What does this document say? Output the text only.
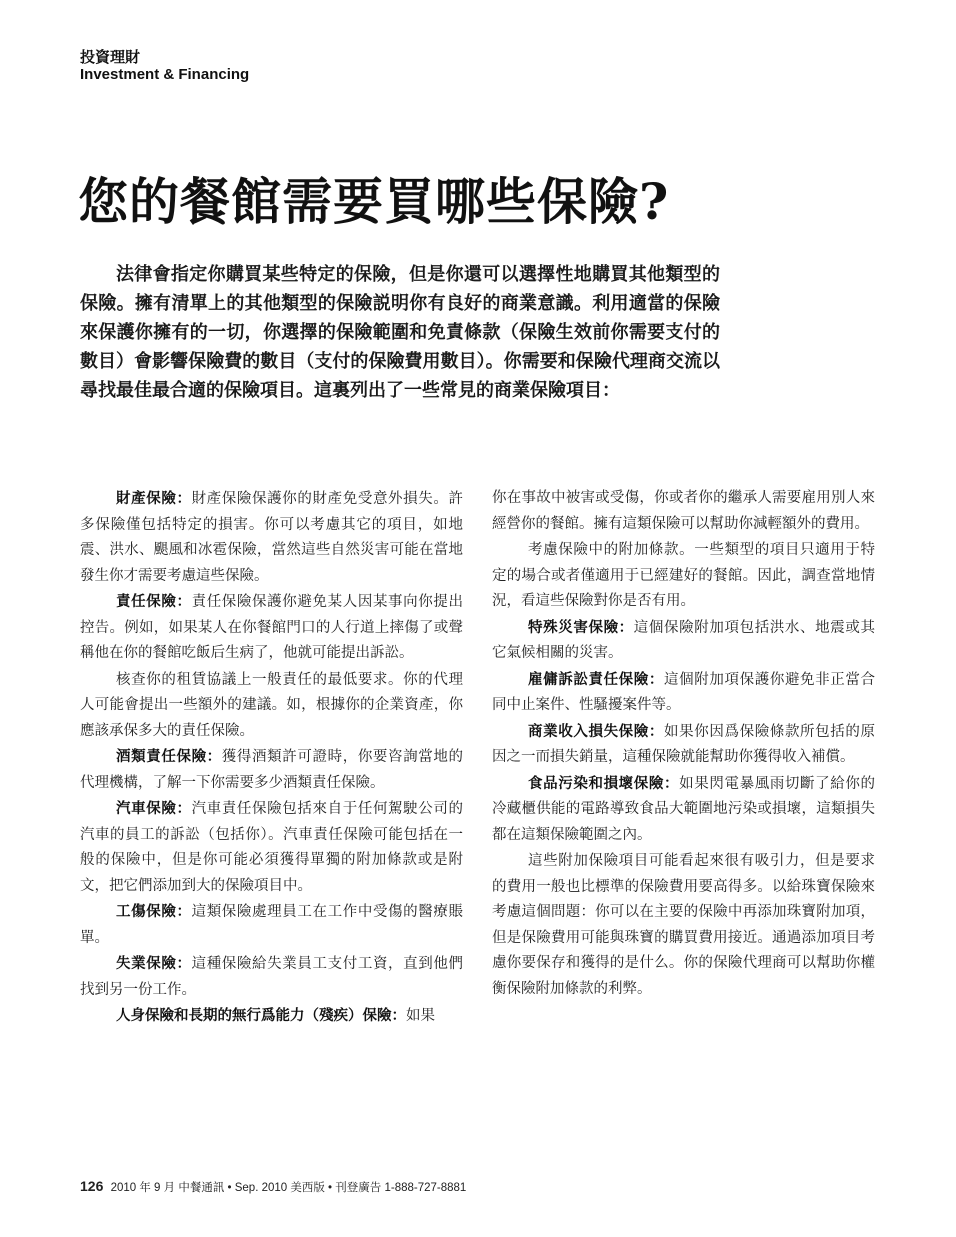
投資理財
Investment & Financing
您的餐館需要買哪些保險?

法律會指定你購買某些特定的保險，但是你還可以選擇性地購買其他類型的保險。擁有清單上的其他類型的保險説明你有良好的商業意識。利用適當的保險來保護你擁有的一切，你選擇的保險範圍和免責條款（保險生效前你需要支付的數目）會影響保險費的數目（支付的保險費用數目）。你需要和保險代理商交流以尋找最佳最合適的保險項目。這裏列出了一些常見的商業保險項目：

財產保險：財產保險保護你的財產免受意外損失。許多保險僅包括特定的損害。你可以考慮其它的項目，如地震、洪水、颶風和冰雹保險，當然這些自然災害可能在當地發生你才需要考慮這些保險。

責任保險：責任保險保護你避免某人因某事向你提出控告。例如，如果某人在你餐館門口的人行道上摔傷了或聲稱他在你的餐館吃飯后生病了，他就可能提出訴訟。

核查你的租賃協議上一般責任的最低要求。你的代理人可能會提出一些額外的建議。如，根據你的企業資產，你應該承保多大的責任保險。

酒類責任保險：獲得酒類許可證時，你要咨詢當地的代理機構，了解一下你需要多少酒類責任保險。

汽車保險：汽車責任保險包括來自于任何駕駛公司的汽車的員工的訴訟（包括你）。汽車責任保險可能包括在一般的保險中，但是你可能必須獲得單獨的附加條款或是附文，把它們添加到大的保險項目中。

工傷保險：這類保險處理員工在工作中受傷的醫療賬單。

失業保險：這種保險給失業員工支付工資，直到他們找到另一份工作。

人身保險和長期的無行爲能力（殘疾）保險：如果

你在事故中被害或受傷，你或者你的繼承人需要雇用別人來經營你的餐館。擁有這類保險可以幫助你減輕額外的費用。

考慮保險中的附加條款。一些類型的項目只適用于特定的場合或者僅適用于已經建好的餐館。因此，調查當地情況，看這些保險對你是否有用。

特殊災害保險：這個保險附加項包括洪水、地震或其它氣候相關的災害。

雇傭訴訟責任保險：這個附加項保護你避免非正當合同中止案件、性騷擾案件等。

商業收入損失保險：如果你因爲保險條款所包括的原因之一而損失銷量，這種保險就能幫助你獲得收入補償。

食品污染和損壞保險：如果閃電暴風雨切斷了給你的冷藏櫃供能的電路導致食品大範圍地污染或損壞，這類損失都在這類保險範圍之內。

這些附加保險項目可能看起來很有吸引力，但是要求的費用一般也比標準的保險費用要高得多。以給珠寶保險來考慮這個問題：你可以在主要的保險中再添加珠寶附加項，但是保險費用可能與珠寶的購買費用接近。通過添加項目考慮你要保存和獲得的是什么。你的保險代理商可以幫助你權衡保險附加條款的利弊。

126 2010 年 9 月 中餐通訊 • Sep. 2010 美西版 • 刊登廣告 1-888-727-8881
